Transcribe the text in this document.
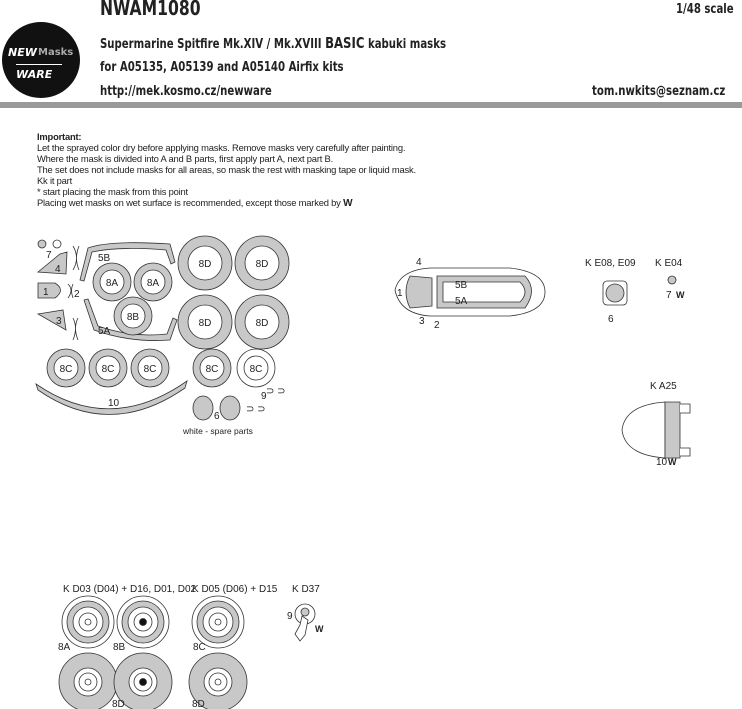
NWAM1080	1/48 scale
Supermarine Spitfire Mk.XIV / Mk.XVIII BASIC kabuki masks
for A05135, A05139 and A05140 Airfix kits
http://mek.kosmo.cz/newware	tom.nwkits@seznam.cz
NEW Masks
WARE
Important:
Let the sprayed color dry before applying masks. Remove masks very carefully after painting.
Where the mask is divided into A and B parts, first apply part A, next part B.
The set does not include masks for all areas, so mask the rest with masking tape or liquid mask.
Kk it part
* start placing the mask from this point
Placing wet masks on wet surface is recommended, except those marked by W
8D	8D
8D	8D
8A	8A
8B
8C	8C	8C	8C	8C
7
4
1	2
3
5B
5A
10
9
6
white - spare parts
⊃ ⊃
⊃ ⊃
4
1
3 2
5B
5A
K E08, E09
6
K E04
7 W
K A25
10 W
K D03 (D04) + D16, D01, D02
K D05 (D06) + D15 K D37
9
W
8A	8B	8C
8D	8D
